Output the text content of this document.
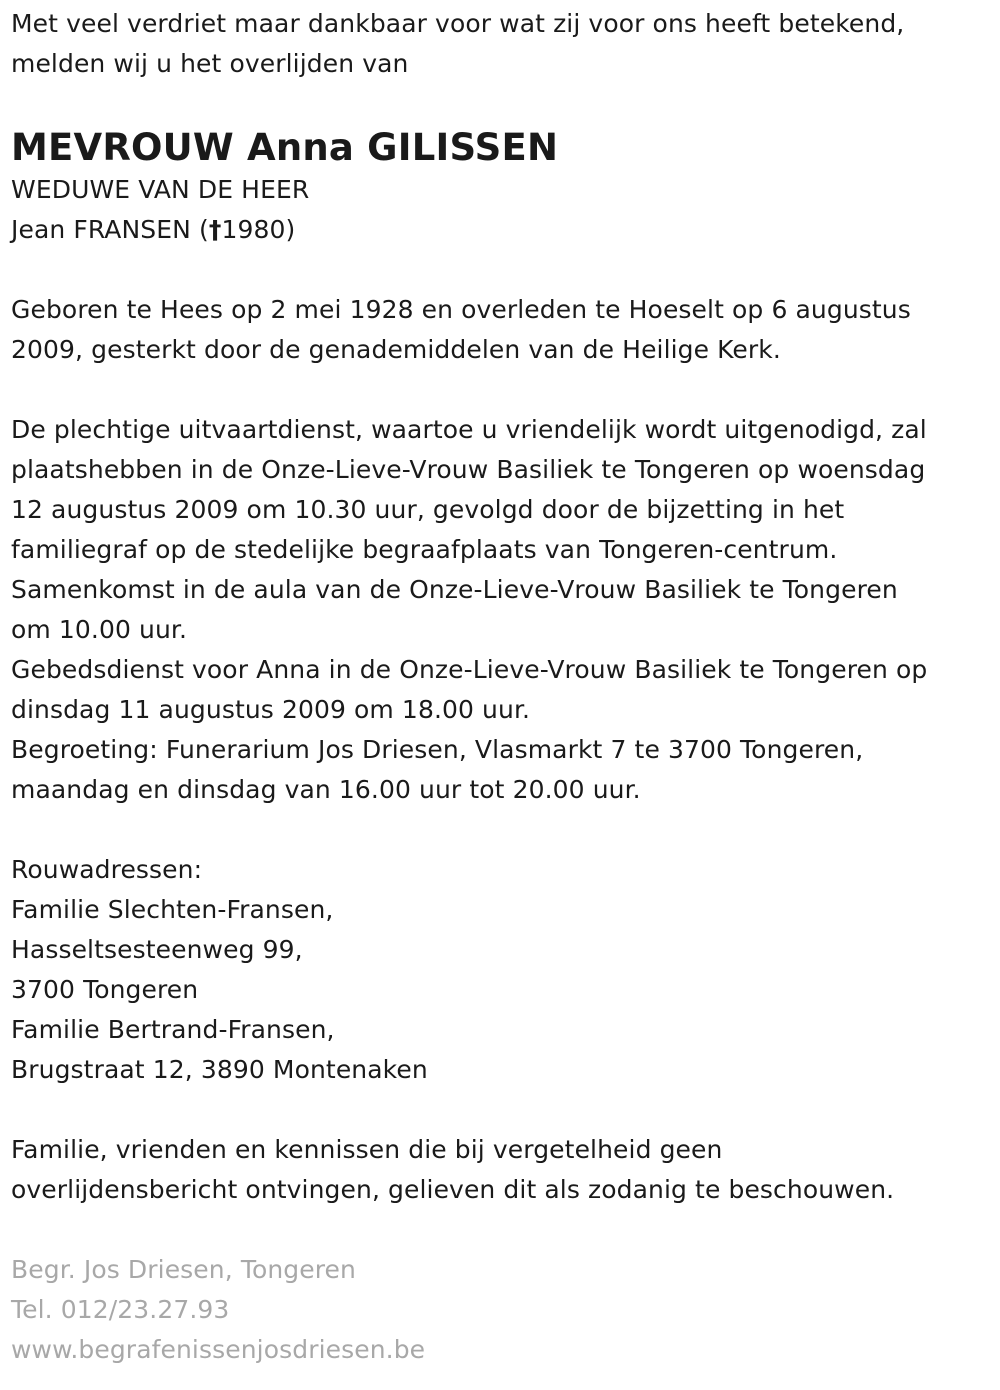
Met veel verdriet maar dankbaar voor wat zij voor ons heeft betekend,
melden wij u het overlijden van
MEVROUW Anna GILISSEN
WEDUWE VAN DE HEER
Jean FRANSEN (†1980)
Geboren te Hees op 2 mei 1928 en overleden te Hoeselt op 6 augustus
2009, gesterkt door de genademiddelen van de Heilige Kerk.
De plechtige uitvaartdienst, waartoe u vriendelijk wordt uitgenodigd, zal
plaatshebben in de Onze-Lieve-Vrouw Basiliek te Tongeren op woensdag
12 augustus 2009 om 10.30 uur, gevolgd door de bijzetting in het
familiegraf op de stedelijke begraafplaats van Tongeren-centrum.
Samenkomst in de aula van de Onze-Lieve-Vrouw Basiliek te Tongeren
om 10.00 uur.
Gebedsdienst voor Anna in de Onze-Lieve-Vrouw Basiliek te Tongeren op
dinsdag 11 augustus 2009 om 18.00 uur.
Begroeting: Funerarium Jos Driesen, Vlasmarkt 7 te 3700 Tongeren,
maandag en dinsdag van 16.00 uur tot 20.00 uur.
Rouwadressen:
Familie Slechten-Fransen,
Hasseltsesteenweg 99,
3700 Tongeren
Familie Bertrand-Fransen,
Brugstraat 12, 3890 Montenaken
Familie, vrienden en kennissen die bij vergetelheid geen
overlijdensbericht ontvingen, gelieven dit als zodanig te beschouwen.
Begr. Jos Driesen, Tongeren
Tel. 012/23.27.93
www.begrafenissenjosdriesen.be
